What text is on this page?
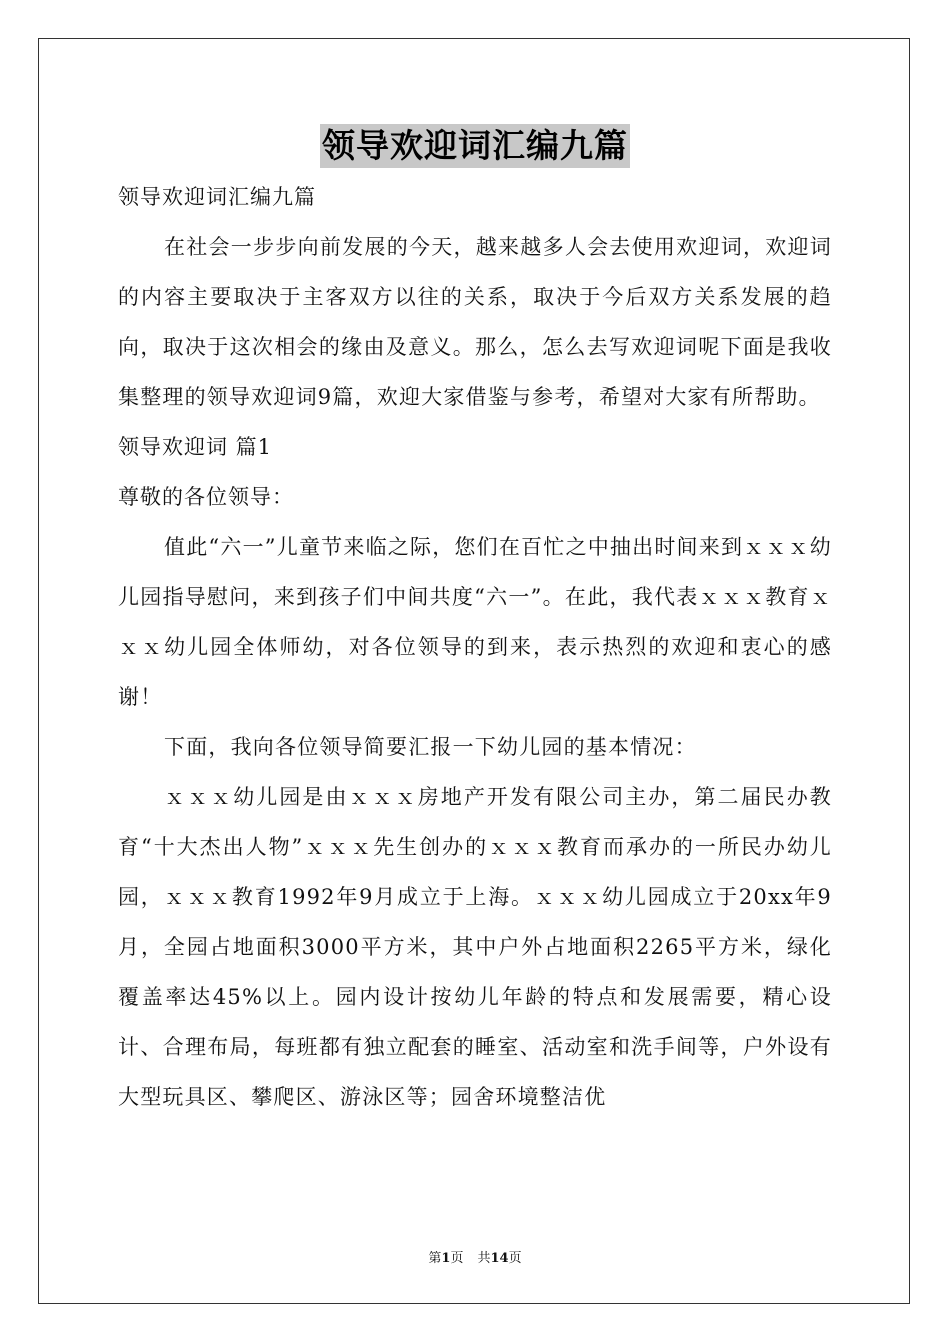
领导欢迎词汇编九篇

领导欢迎词汇编九篇

在社会一步步向前发展的今天，越来越多人会去使用欢迎词，欢迎词的内容主要取决于主客双方以往的关系，取决于今后双方关系发展的趋向，取决于这次相会的缘由及意义。那么，怎么去写欢迎词呢下面是我收集整理的领导欢迎词9篇，欢迎大家借鉴与参考，希望对大家有所帮助。

领导欢迎词 篇1

尊敬的各位领导：

值此“六一”儿童节来临之际，您们在百忙之中抽出时间来到ｘｘｘ幼儿园指导慰问，来到孩子们中间共度“六一”。在此，我代表ｘｘｘ教育ｘｘｘ幼儿园全体师幼，对各位领导的到来，表示热烈的欢迎和衷心的感谢！

下面，我向各位领导简要汇报一下幼儿园的基本情况：

ｘｘｘ幼儿园是由ｘｘｘ房地产开发有限公司主办，第二届民办教育“十大杰出人物”ｘｘｘ先生创办的ｘｘｘ教育而承办的一所民办幼儿园，ｘｘｘ教育1992年9月成立于上海。ｘｘｘ幼儿园成立于20xx年9月，全园占地面积3000平方米，其中户外占地面积2265平方米，绿化覆盖率达45%以上。园内设计按幼儿年龄的特点和发展需要，精心设计、合理布局，每班都有独立配套的睡室、活动室和洗手间等，户外设有大型玩具区、攀爬区、游泳区等；园舍环境整洁优

第1页 共14页
